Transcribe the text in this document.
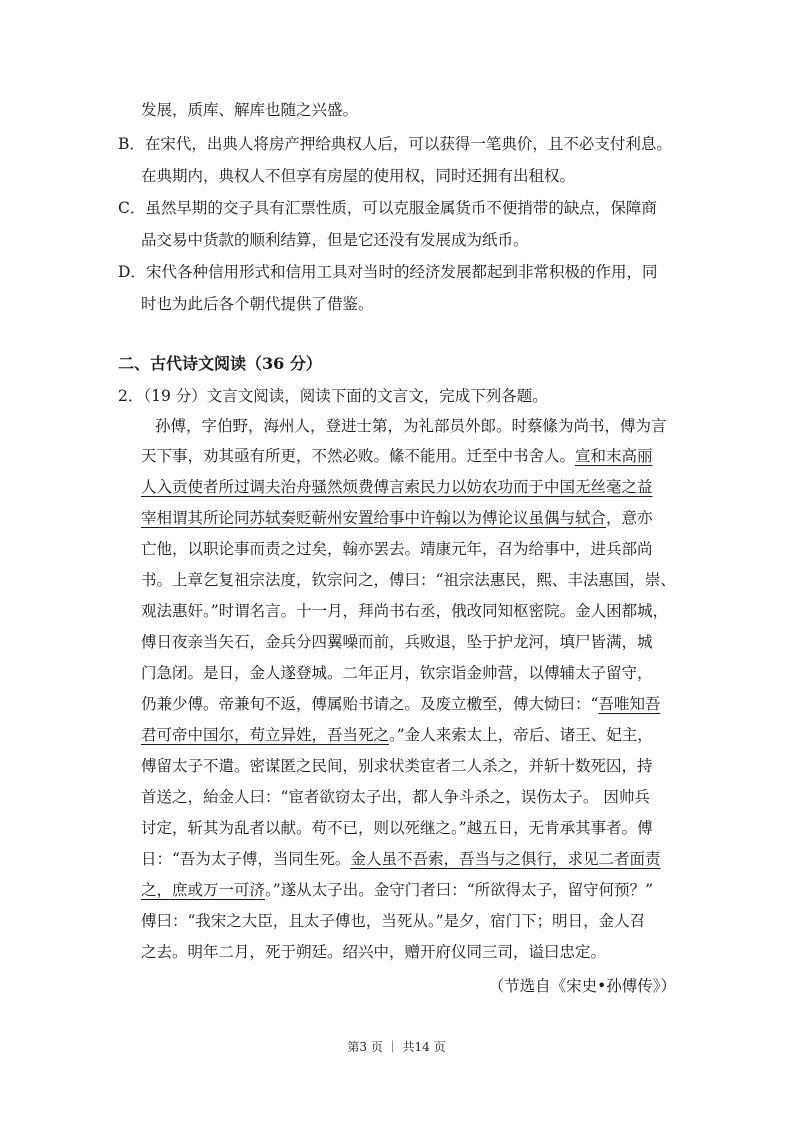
发展，质库、解库也随之兴盛。
B．在宋代，出典人将房产押给典权人后，可以获得一笔典价，且不必支付利息。
在典期内，典权人不但享有房屋的使用权，同时还拥有出租权。
C．虽然早期的交子具有汇票性质，可以克服金属货币不便捎带的缺点，保障商
品交易中货款的顺利结算，但是它还没有发展成为纸币。
D．宋代各种信用形式和信用工具对当时的经济发展都起到非常积极的作用，同
时也为此后各个朝代提供了借鉴。
二、古代诗文阅读（36 分）
2．（19 分）文言文阅读，阅读下面的文言文，完成下列各题。
孙傅，字伯野，海州人，登进士第，为礼部员外郎。时蔡絛为尚书，傅为言
天下事，劝其亟有所更，不然必败。絛不能用。迁至中书舍人。宣和末高丽
人入贡使者所过调夫治舟骚然烦费傅言索民力以妨农功而于中国无丝毫之益
宰相谓其所论同苏轼奏贬蕲州安置给事中许翰以为傅论议虽偶与轼合，意亦
亡他，以职论事而责之过矣，翰亦罢去。靖康元年，召为给事中，进兵部尚
书。上章乞复祖宗法度，钦宗问之，傅曰：“祖宗法惠民，熙、丰法惠国，崇、
观法惠奸。”时谓名言。十一月，拜尚书右丞，俄改同知枢密院。金人困都城，
傅日夜亲当矢石，金兵分四翼噪而前，兵败退，坠于护龙河，填尸皆满，城
门急闭。是日，金人遂登城。二年正月，钦宗诣金帅营，以傅辅太子留守，
仍兼少傅。帝兼旬不返，傅属贻书请之。及废立檄至，傅大恸曰：“吾唯知吾
君可帝中国尔，苟立异姓，吾当死之。”金人来索太上，帝后、诸王、妃主，
傅留太子不遣。密谋匿之民间，别求状类宦者二人杀之，并斩十数死囚，持
首送之，紿金人曰：“宦者欲窃太子出，都人争斗杀之，误伤太子。 因帅兵
讨定，斩其为乱者以献。苟不已，则以死继之。”越五日，无肯承其事者。傅
日：“吾为太子傅，当同生死。金人虽不吾索，吾当与之俱行，求见二者面责
之，庶或万一可济。”遂从太子出。金守门者曰：“所欲得太子，留守何预？”
傅曰：“我宋之大臣，且太子傅也，当死从。”是夕，宿门下；明日，金人召
之去。明年二月，死于朔廷。绍兴中，赠开府仪同三司，谥曰忠定。
（节选自《宋史•孙傅传》）
第3 页 ｜ 共14 页
